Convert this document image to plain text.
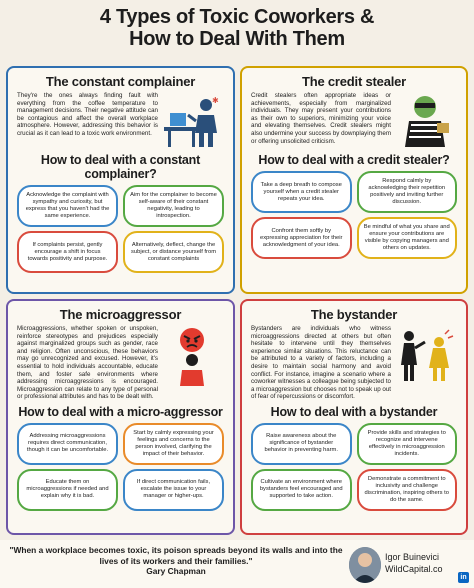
4 Types of Toxic Coworkers &
How to Deal With Them
The constant complainer

They're the ones always finding fault with everything from the coffee temperature to management decisions. Their negative attitude can be contagious and affect the overall workplace atmosphere. However, addressing this behavior is crucial as it can lead to a toxic work environment.

✱
How to deal with a constant complainer?
Acknowledge the complaint with sympathy and curiosity, but express that you haven't had the same experience.
Aim for the complainer to become self-aware of their constant negativity, leading to introspection.
If complaints persist, gently encourage a shift in focus towards positivity and purpose.
Alternatively, deflect, change the subject, or distance yourself from constant complaints
The credit stealer

Credit stealers often appropriate ideas or achievements, especially from marginalized individuals. They may present your contributions as their own to superiors, minimizing your voice and elevating themselves. Credit stealers might also undermine your success by downplaying them or offering unsolicited criticism.

How to deal with a credit stealer?
Take a deep breath to compose yourself when a credit stealer repeats your idea.
Respond calmly by acknowledging their repetition positively and inviting further discussion.
Confront them softly by expressing appreciation for their acknowledgment of your idea.
Be mindful of what you share and ensure your contributions are visible by copying managers and others on updates.
The microaggressor

Microaggressions, whether spoken or unspoken, reinforce stereotypes and prejudices especially against marginalized groups such as gender, race and religion. Often unconscious, these behaviors may go unrecognized and excused. However, it's essential to hold individuals accountable, educate them, and foster safe environments where addressing microaggressions is encouraged. Microaggression can relate to any type of personal or professional attributes and has to be dealt with.

How to deal with a micro-aggressor
Addressing microaggressions requires direct communication, though it can be uncomfortable.
Start by calmly expressing your feelings and concerns to the person involved, clarifying the impact of their behavior.
Educate them on microaggressions if needed and explain why it is bad.
If direct communication fails, escalate the issue to your manager or higher-ups.
The bystander

Bystanders are individuals who witness microaggressions directed at others but often hesitate to intervene until they themselves experience similar situations. This reluctance can be attributed to a variety of factors, including a desire to maintain social harmony and avoid conflict. For instance, imagine a scenario where a coworker witnesses a colleague being subjected to a microaggression but chooses not to speak up out of fear of repercussions or discomfort.

How to deal with a bystander
Raise awareness about the significance of bystander behavior in preventing harm.
Provide skills and strategies to recognize and intervene effectively in microaggression incidents.
Cultivate an environment where bystanders feel encouraged and supported to take action.
Demonstrate a commitment to inclusivity and challenge discrimination, inspiring others to do the same.
"When a workplace becomes toxic, its poison spreads beyond its walls and into the lives of its workers and their families."
Gary Chapman
Igor Buinevici
WildCapital.co
in
